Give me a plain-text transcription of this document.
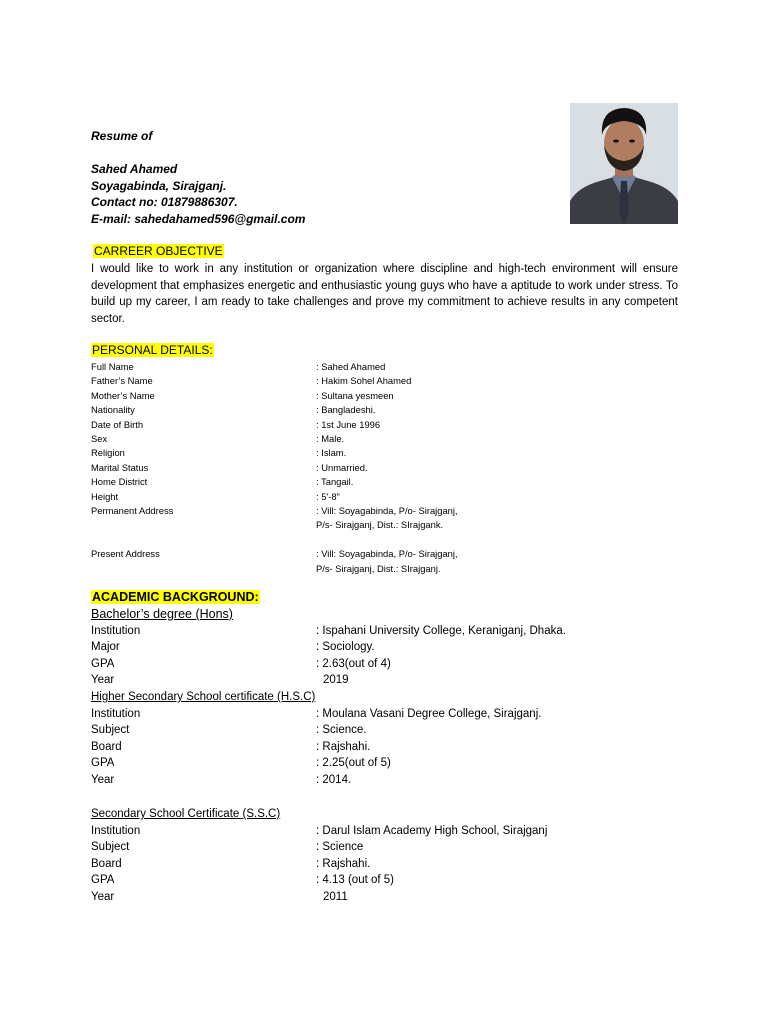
Resume of
Sahed Ahamed
Soyagabinda, Sirajganj.
Contact no: 01879886307.
E-mail: sahedahamed596@gmail.com
CARREER OBJECTIVE
I would like to work in any institution or organization where discipline and high-tech environment will ensure development that emphasizes energetic and enthusiastic young guys who have a aptitude to work under stress. To build up my career, I am ready to take challenges and prove my commitment to achieve results in any competent sector.
PERSONAL DETAILS:
Full Name	: Sahed Ahamed
Father’s Name	: Hakim Sohel Ahamed
Mother’s Name	: Sultana yesmeen
Nationality	: Bangladeshi.
Date of Birth	: 1st June 1996
Sex	: Male.
Religion	: Islam.
Marital Status	: Unmarried.
Home District	: Tangail.
Height	: 5'-8"
Permanent Address	: Vill: Soyagabinda, P/o- Sirajganj,
P/s- Sirajganj, Dist.: SIrajgank.
Present Address	: Vill: Soyagabinda, P/o- Sirajganj,
P/s- Sirajganj, Dist.: SIrajganj.
ACADEMIC BACKGROUND:
Bachelor’s degree (Hons)
Institution	: Ispahani University College, Keraniganj, Dhaka.
Major	: Sociology.
GPA	: 2.63(out of 4)
Year	2019
Higher Secondary School certificate (H.S.C)
Institution	: Moulana Vasani Degree College, Sirajganj.
Subject	: Science.
Board	: Rajshahi.
GPA	: 2.25(out of 5)
Year	: 2014.
Secondary School Certificate (S.S.C)
Institution	: Darul Islam Academy High School, Sirajganj
Subject	: Science
Board	: Rajshahi.
GPA	: 4.13 (out of 5)
Year	2011
